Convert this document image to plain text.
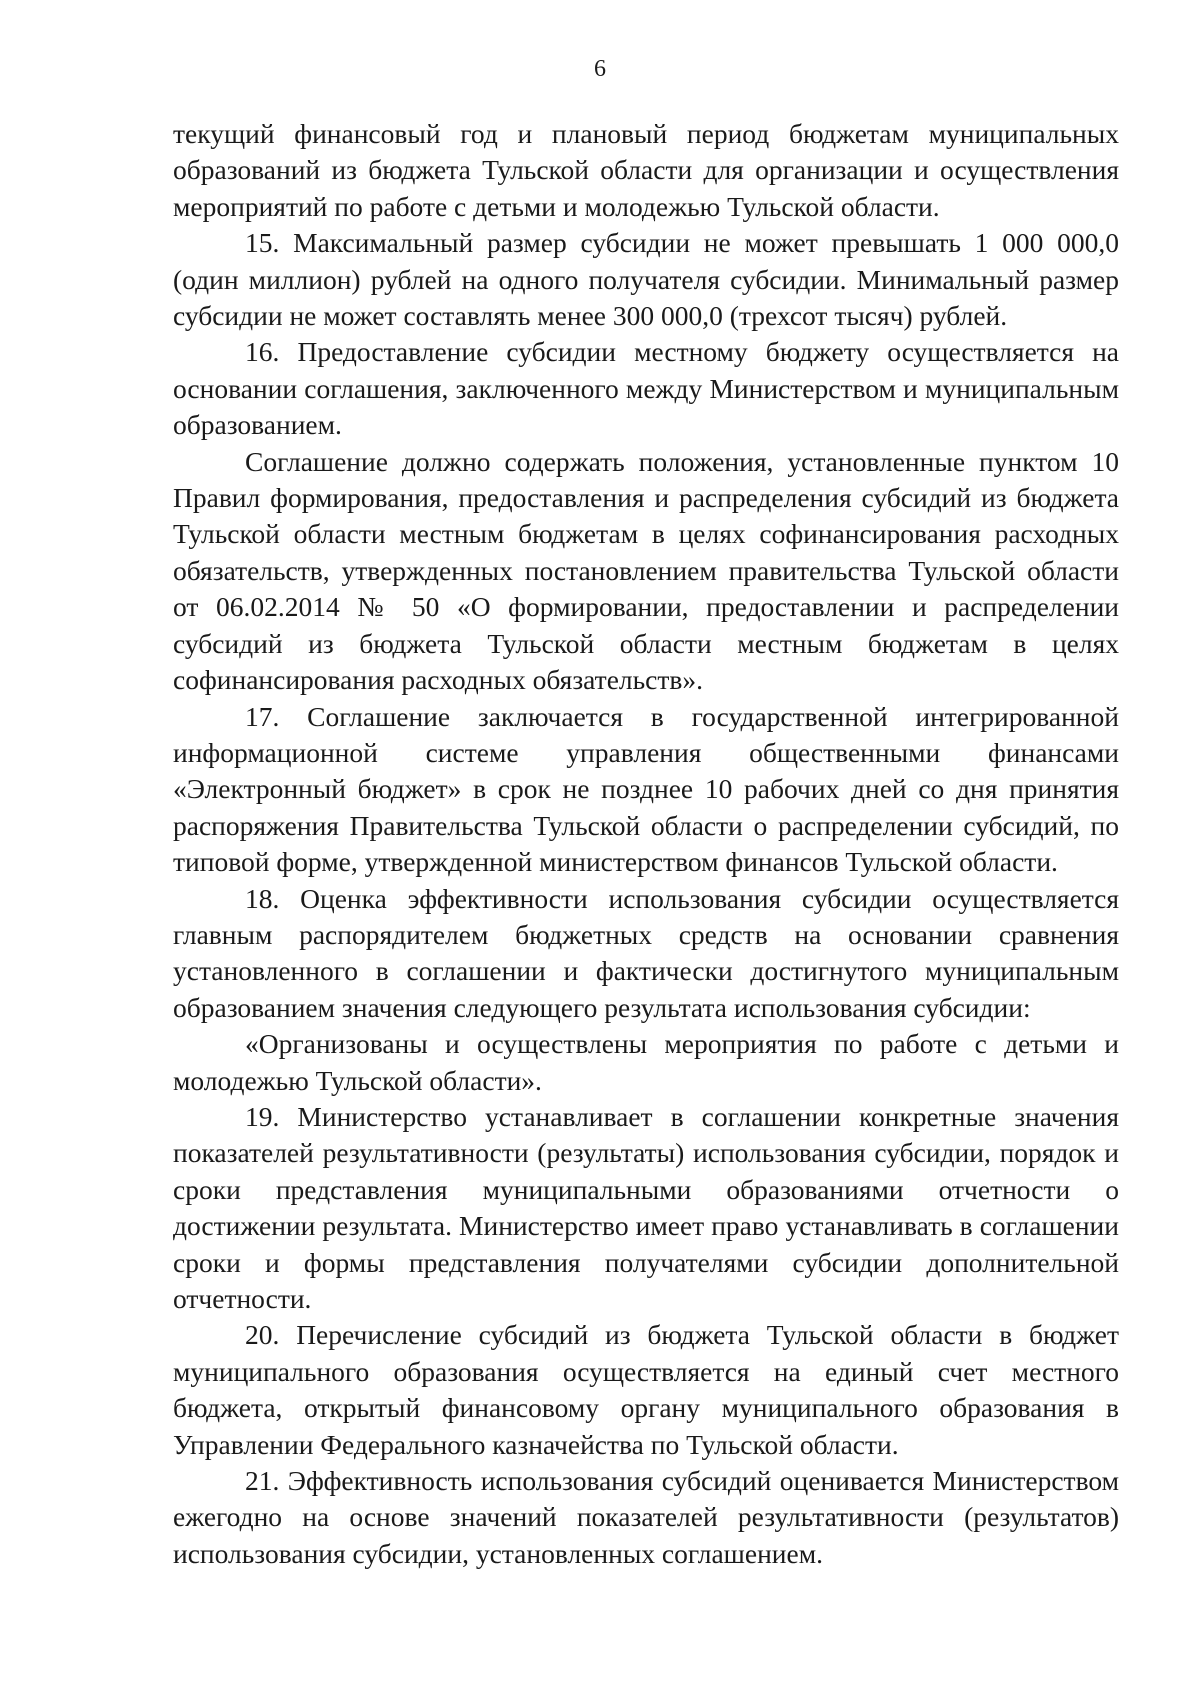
6

текущий финансовый год и плановый период бюджетам муниципальных образований из бюджета Тульской области для организации и осуществления мероприятий по работе с детьми и молодежью Тульской области.

15. Максимальный размер субсидии не может превышать 1 000 000,0 (один миллион) рублей на одного получателя субсидии. Минимальный размер субсидии не может составлять менее 300 000,0 (трехсот тысяч) рублей.

16. Предоставление субсидии местному бюджету осуществляется на основании соглашения, заключенного между Министерством и муниципальным образованием.

Соглашение должно содержать положения, установленные пунктом 10 Правил формирования, предоставления и распределения субсидий из бюджета Тульской области местным бюджетам в целях софинансирования расходных обязательств, утвержденных постановлением правительства Тульской области от 06.02.2014 № 50 «О формировании, предоставлении и распределении субсидий из бюджета Тульской области местным бюджетам в целях софинансирования расходных обязательств».

17. Соглашение заключается в государственной интегрированной информационной системе управления общественными финансами «Электронный бюджет» в срок не позднее 10 рабочих дней со дня принятия распоряжения Правительства Тульской области о распределении субсидий, по типовой форме, утвержденной министерством финансов Тульской области.

18. Оценка эффективности использования субсидии осуществляется главным распорядителем бюджетных средств на основании сравнения установленного в соглашении и фактически достигнутого муниципальным образованием значения следующего результата использования субсидии:

«Организованы и осуществлены мероприятия по работе с детьми и молодежью Тульской области».

19. Министерство устанавливает в соглашении конкретные значения показателей результативности (результаты) использования субсидии, порядок и сроки представления муниципальными образованиями отчетности о достижении результата. Министерство имеет право устанавливать в соглашении сроки и формы представления получателями субсидии дополнительной отчетности.

20. Перечисление субсидий из бюджета Тульской области в бюджет муниципального образования осуществляется на единый счет местного бюджета, открытый финансовому органу муниципального образования в Управлении Федерального казначейства по Тульской области.

21. Эффективность использования субсидий оценивается Министерством ежегодно на основе значений показателей результативности (результатов) использования субсидии, установленных соглашением.
